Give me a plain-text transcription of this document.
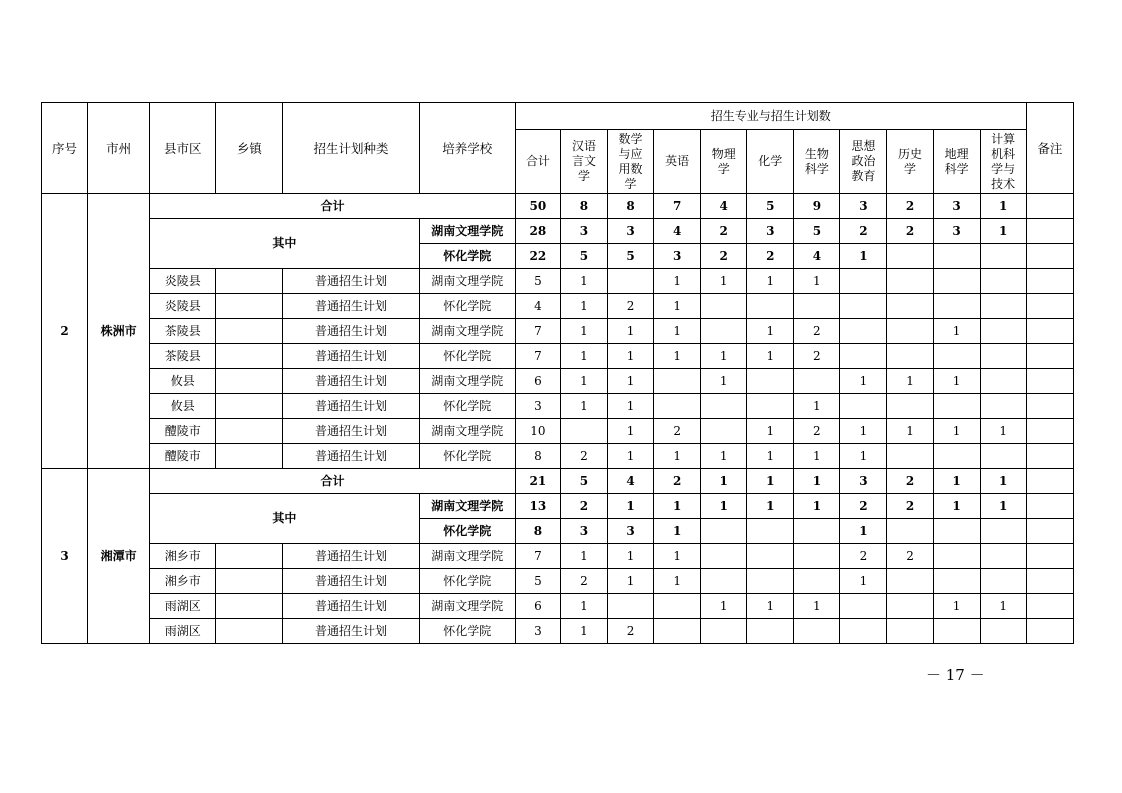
序号	市州	县市区	乡镇	招生计划种类	培养学校	招生专业与招生计划数											备注
						合计	汉语
言文
学	数学
与应
用数
学	英语	物理
学	化学	生物
科学	思想
政治
教育	历史
学	地理
科学	计算
机科
学与
技术	
2	株洲市	合计				50	8	8	7	4	5	9	3	2	3	1	
		其中			湖南文理学院	28	3	3	4	2	3	5	2	2	3	1	
					怀化学院	22	5	5	3	2	2	4	1				
		炎陵县		普通招生计划	湖南文理学院	5	1		1	1	1	1					
		炎陵县		普通招生计划	怀化学院	4	1	2	1								
		茶陵县		普通招生计划	湖南文理学院	7	1	1	1		1	2			1		
		茶陵县		普通招生计划	怀化学院	7	1	1	1	1	1	2					
		攸县		普通招生计划	湖南文理学院	6	1	1		1			1	1	1		
		攸县		普通招生计划	怀化学院	3	1	1				1					
		醴陵市		普通招生计划	湖南文理学院	10		1	2		1	2	1	1	1	1	
		醴陵市		普通招生计划	怀化学院	8	2	1	1	1	1	1	1				
3	湘潭市	合计				21	5	4	2	1	1	1	3	2	1	1	
		其中			湖南文理学院	13	2	1	1	1	1	1	2	2	1	1	
					怀化学院	8	3	3	1				1				
		湘乡市		普通招生计划	湖南文理学院	7	1	1	1				2	2			
		湘乡市		普通招生计划	怀化学院	5	2	1	1				1				
		雨湖区		普通招生计划	湖南文理学院	6	1			1	1	1			1	1	
		雨湖区		普通招生计划	怀化学院	3	1	2									
－ 17 －
